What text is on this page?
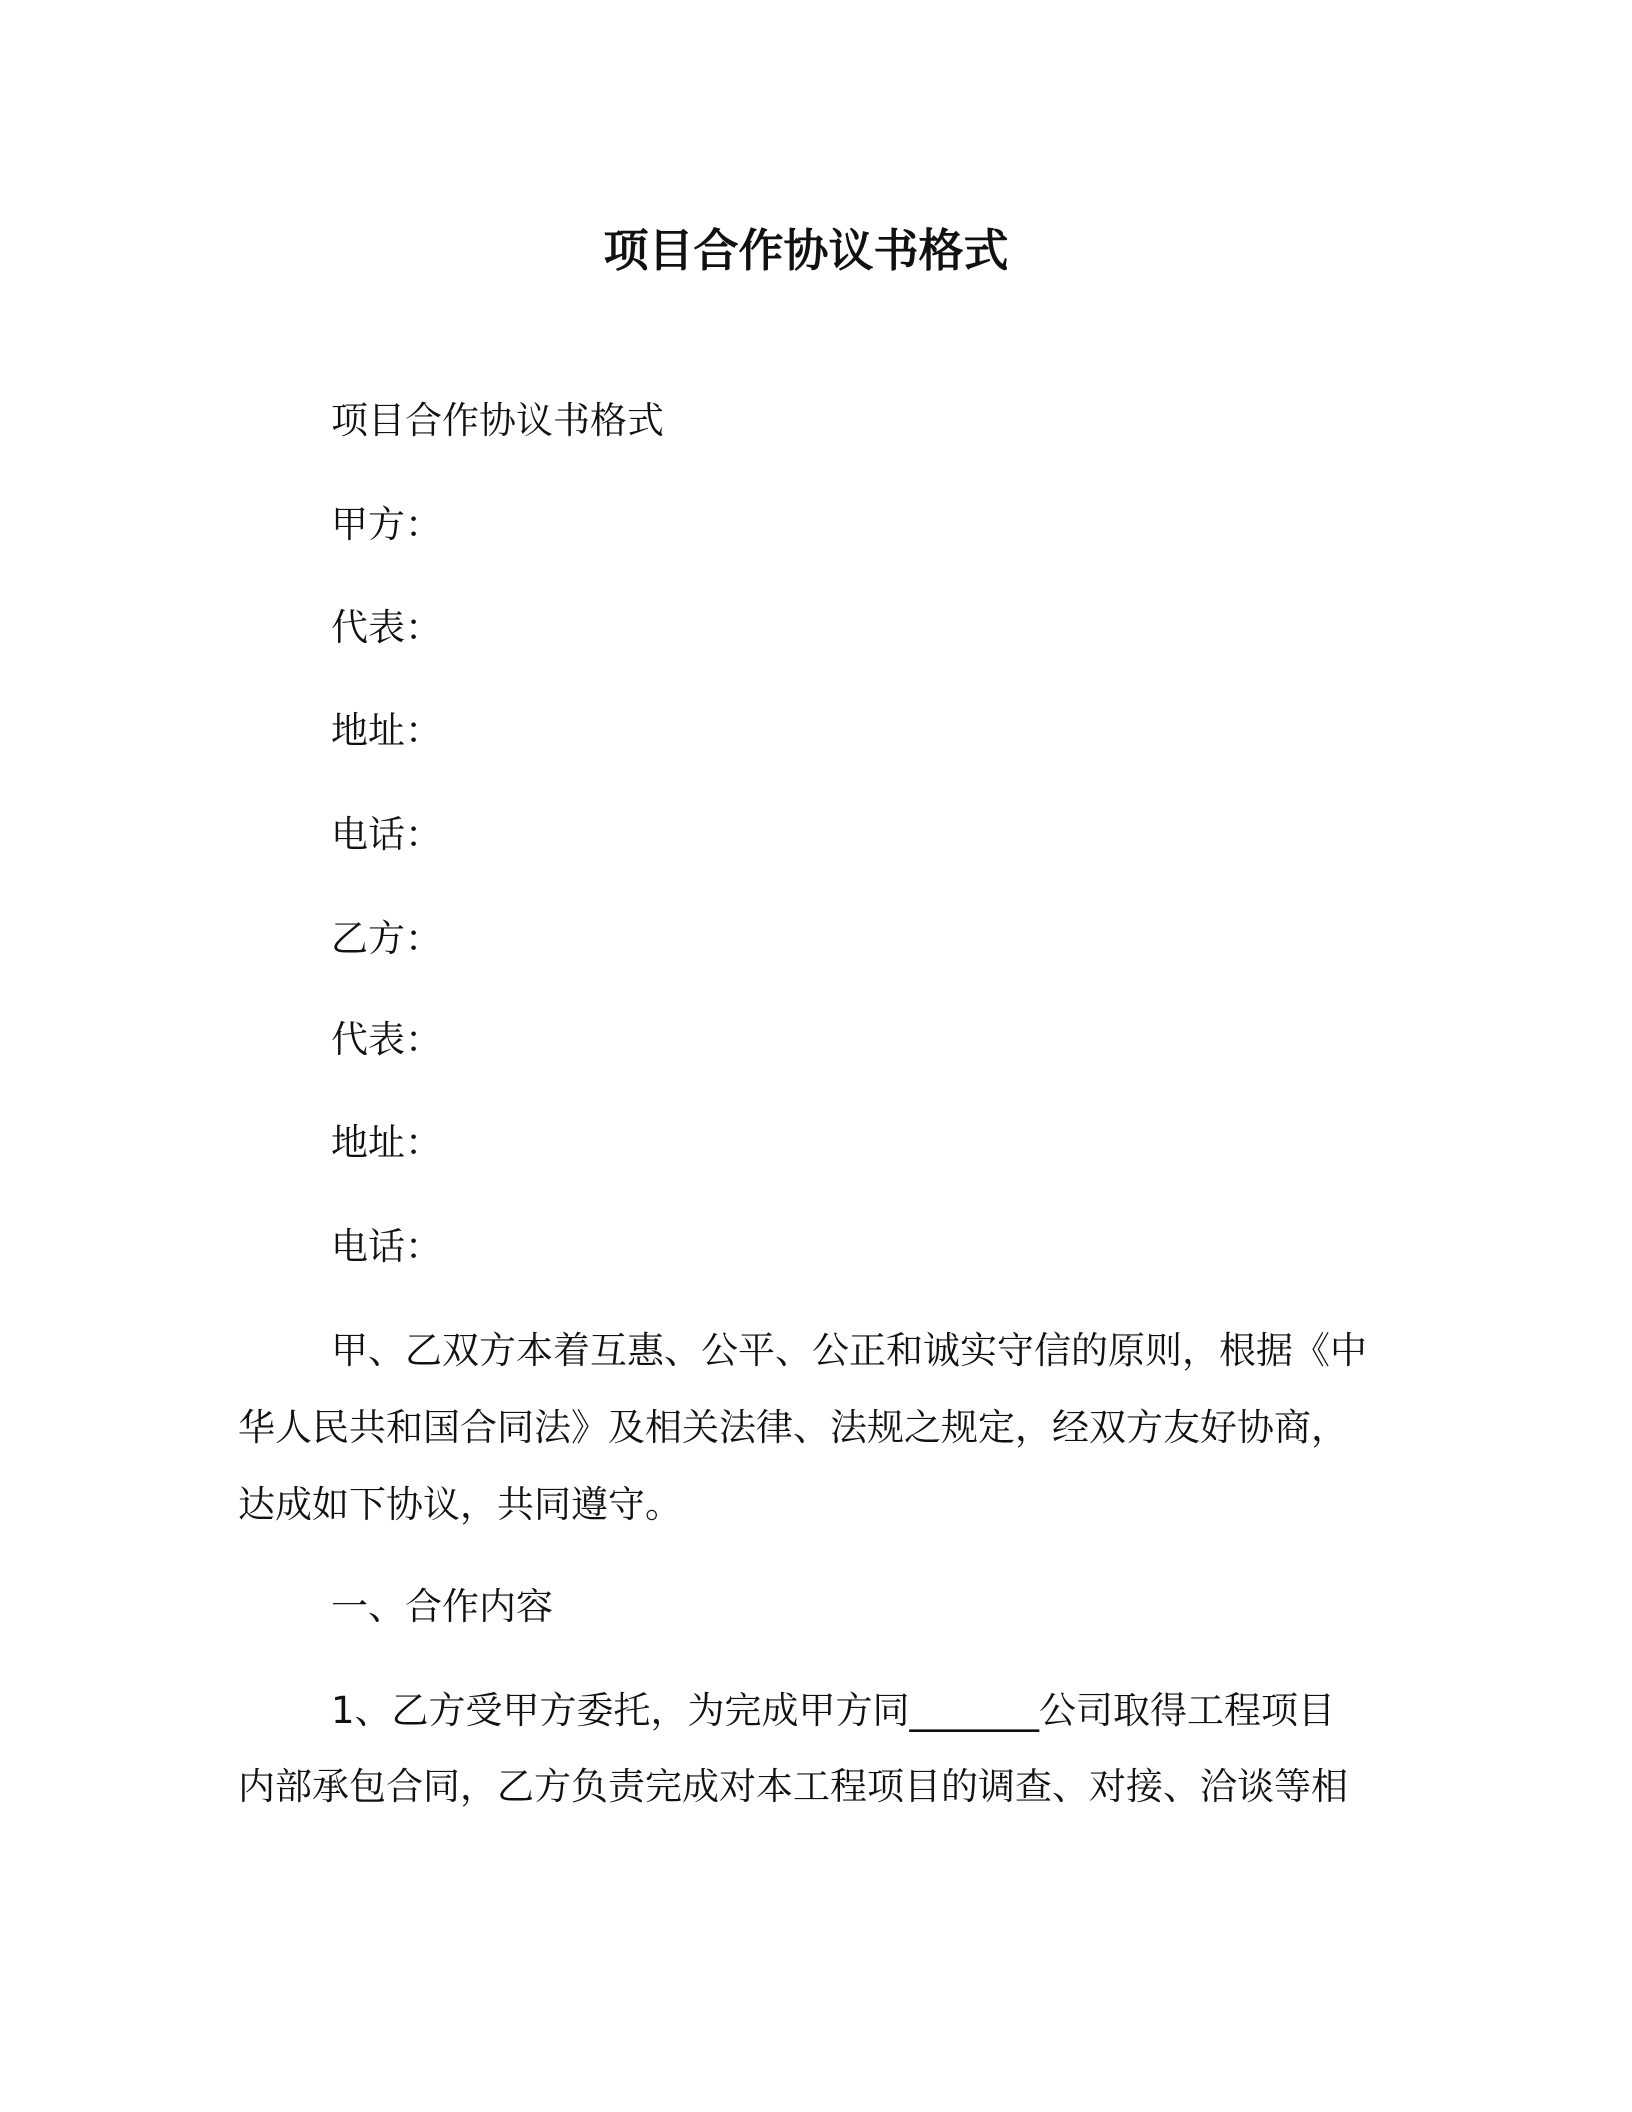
项目合作协议书格式
项目合作协议书格式
甲方：
代表：
地址：
电话：
乙方：
代表：
地址：
电话：
甲、乙双方本着互惠、公平、公正和诚实守信的原则，根据《中
华人民共和国合同法》及相关法律、法规之规定，经双方友好协商，
达成如下协议，共同遵守。
一、合作内容
1、乙方受甲方委托，为完成甲方同_______公司取得工程项目
内部承包合同，乙方负责完成对本工程项目的调查、对接、洽谈等相
